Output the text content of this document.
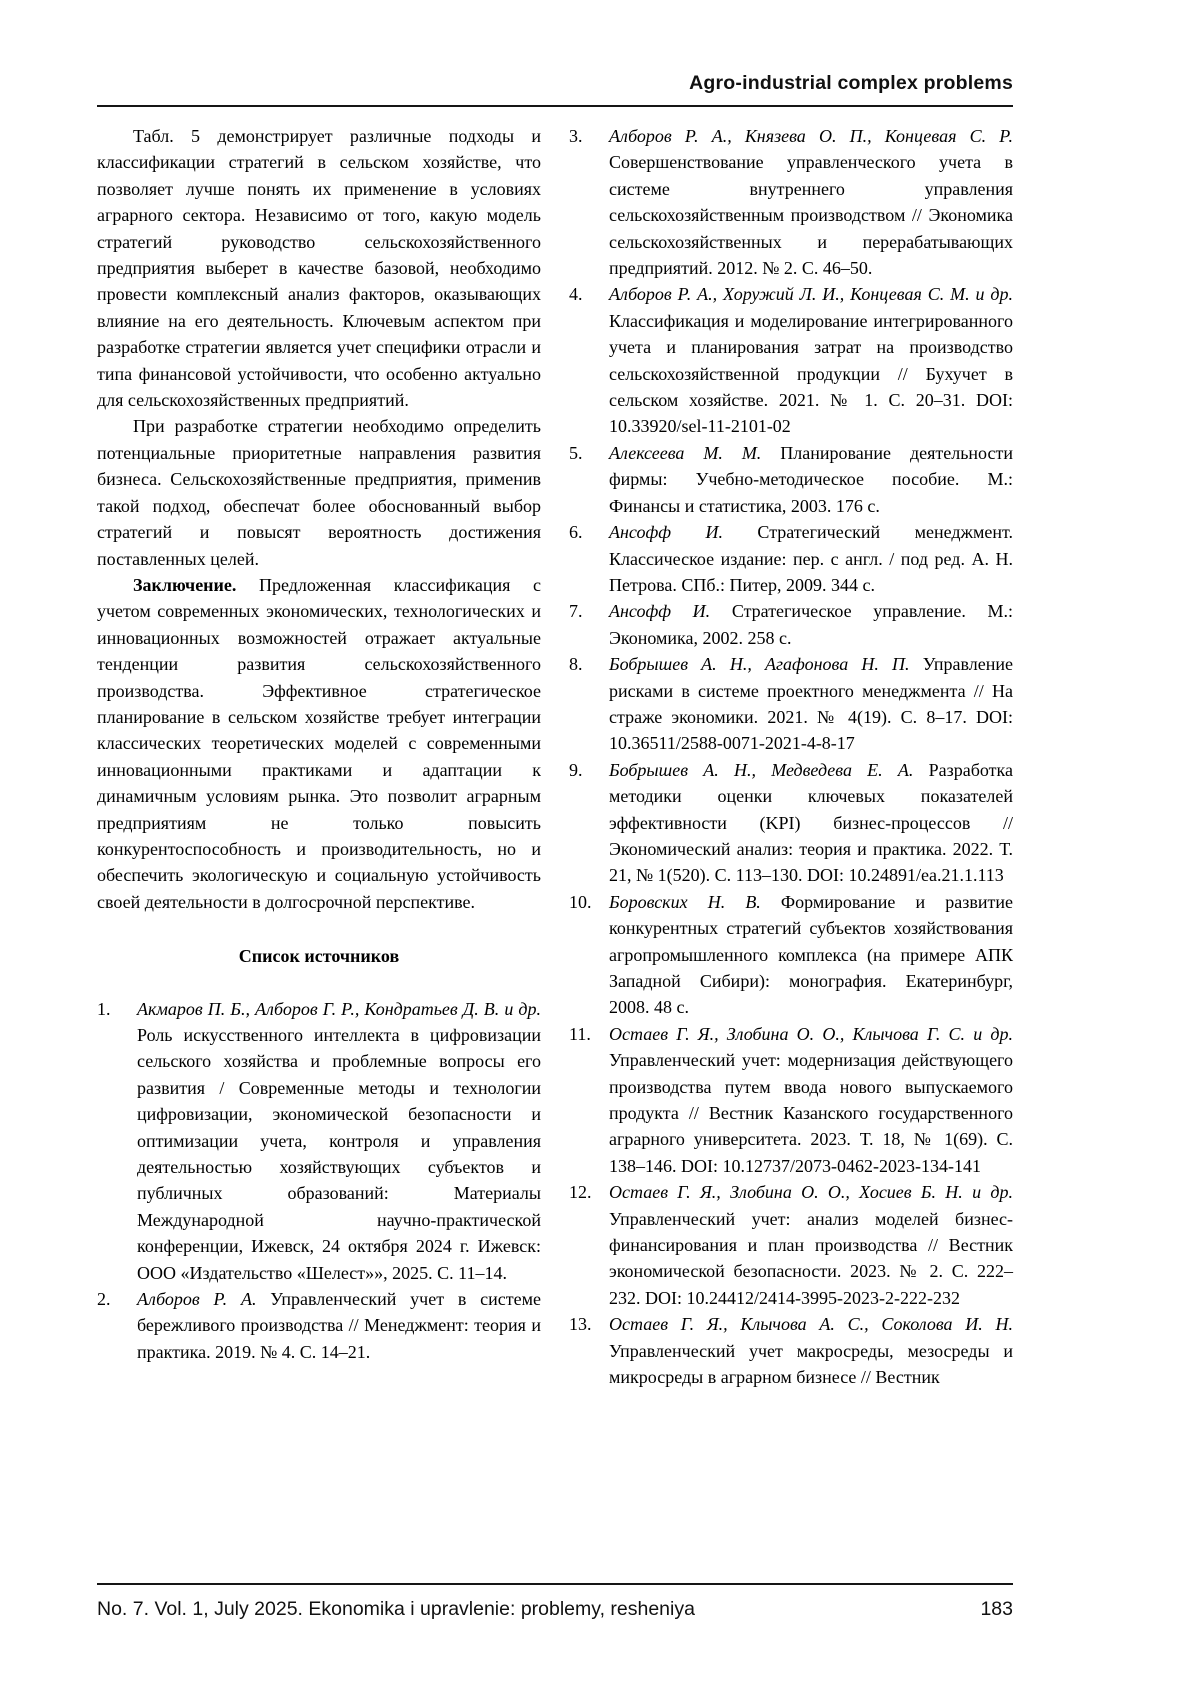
Agro-industrial complex problems

Табл. 5 демонстрирует различные подходы и классификации стратегий в сельском хозяйстве, что позволяет лучше понять их применение в условиях аграрного сектора. Независимо от того, какую модель стратегий руководство сельскохозяйственного предприятия выберет в качестве базовой, необходимо провести комплексный анализ факторов, оказывающих влияние на его деятельность. Ключевым аспектом при разработке стратегии является учет специфики отрасли и типа финансовой устойчивости, что особенно актуально для сельскохозяйственных предприятий.

При разработке стратегии необходимо определить потенциальные приоритетные направления развития бизнеса. Сельскохозяйственные предприятия, применив такой подход, обеспечат более обоснованный выбор стратегий и повысят вероятность достижения поставленных целей.

Заключение. Предложенная классификация с учетом современных экономических, технологических и инновационных возможностей отражает актуальные тенденции развития сельскохозяйственного производства. Эффективное стратегическое планирование в сельском хозяйстве требует интеграции классических теоретических моделей с современными инновационными практиками и адаптации к динамичным условиям рынка. Это позволит аграрным предприятиям не только повысить конкурентоспособность и производительность, но и обеспечить экологическую и социальную устойчивость своей деятельности в долгосрочной перспективе.

Список источников
1. Акмаров П. Б., Алборов Г. Р., Кондратьев Д. В. и др. Роль искусственного интеллекта в цифровизации сельского хозяйства и проблемные вопросы его развития / Современные методы и технологии цифровизации, экономической безопасности и оптимизации учета, контроля и управления деятельностью хозяйствующих субъектов и публичных образований: Материалы Международной научно-практической конференции, Ижевск, 24 октября 2024 г. Ижевск: ООО «Издательство «Шелест»», 2025. С. 11–14.
2. Алборов Р. А. Управленческий учет в системе бережливого производства // Менеджмент: теория и практика. 2019. № 4. С. 14–21.
3. Алборов Р. А., Князева О. П., Концевая С. Р. Совершенствование управленческого учета в системе внутреннего управления сельскохозяйственным производством // Экономика сельскохозяйственных и перерабатывающих предприятий. 2012. № 2. С. 46–50.
4. Алборов Р. А., Хоружий Л. И., Концевая С. М. и др. Классификация и моделирование интегрированного учета и планирования затрат на производство сельскохозяйственной продукции // Бухучет в сельском хозяйстве. 2021. № 1. С. 20–31. DOI: 10.33920/sel-11-2101-02
5. Алексеева М. М. Планирование деятельности фирмы: Учебно-методическое пособие. М.: Финансы и статистика, 2003. 176 с.
6. Ансофф И. Стратегический менеджмент. Классическое издание: пер. с англ. / под ред. А. Н. Петрова. СПб.: Питер, 2009. 344 с.
7. Ансофф И. Стратегическое управление. М.: Экономика, 2002. 258 с.
8. Бобрышев А. Н., Агафонова Н. П. Управление рисками в системе проектного менеджмента // На страже экономики. 2021. № 4(19). С. 8–17. DOI: 10.36511/2588-0071-2021-4-8-17
9. Бобрышев А. Н., Медведева Е. А. Разработка методики оценки ключевых показателей эффективности (KPI) бизнес-процессов // Экономический анализ: теория и практика. 2022. Т. 21, № 1(520). С. 113–130. DOI: 10.24891/ea.21.1.113
10. Боровских Н. В. Формирование и развитие конкурентных стратегий субъектов хозяйствования агропромышленного комплекса (на примере АПК Западной Сибири): монография. Екатеринбург, 2008. 48 с.
11. Остаев Г. Я., Злобина О. О., Клычова Г. С. и др. Управленческий учет: модернизация действующего производства путем ввода нового выпускаемого продукта // Вестник Казанского государственного аграрного университета. 2023. Т. 18, № 1(69). С. 138–146. DOI: 10.12737/2073-0462-2023-134-141
12. Остаев Г. Я., Злобина О. О., Хосиев Б. Н. и др. Управленческий учет: анализ моделей бизнес-финансирования и план производства // Вестник экономической безопасности. 2023. № 2. С. 222–232. DOI: 10.24412/2414-3995-2023-2-222-232
13. Остаев Г. Я., Клычова А. С., Соколова И. Н. Управленческий учет макросреды, мезосреды и микросреды в аграрном бизнесе // Вестник
No. 7. Vol. 1, July 2025. Ekonomika i upravlenie: problemy, resheniya	183
